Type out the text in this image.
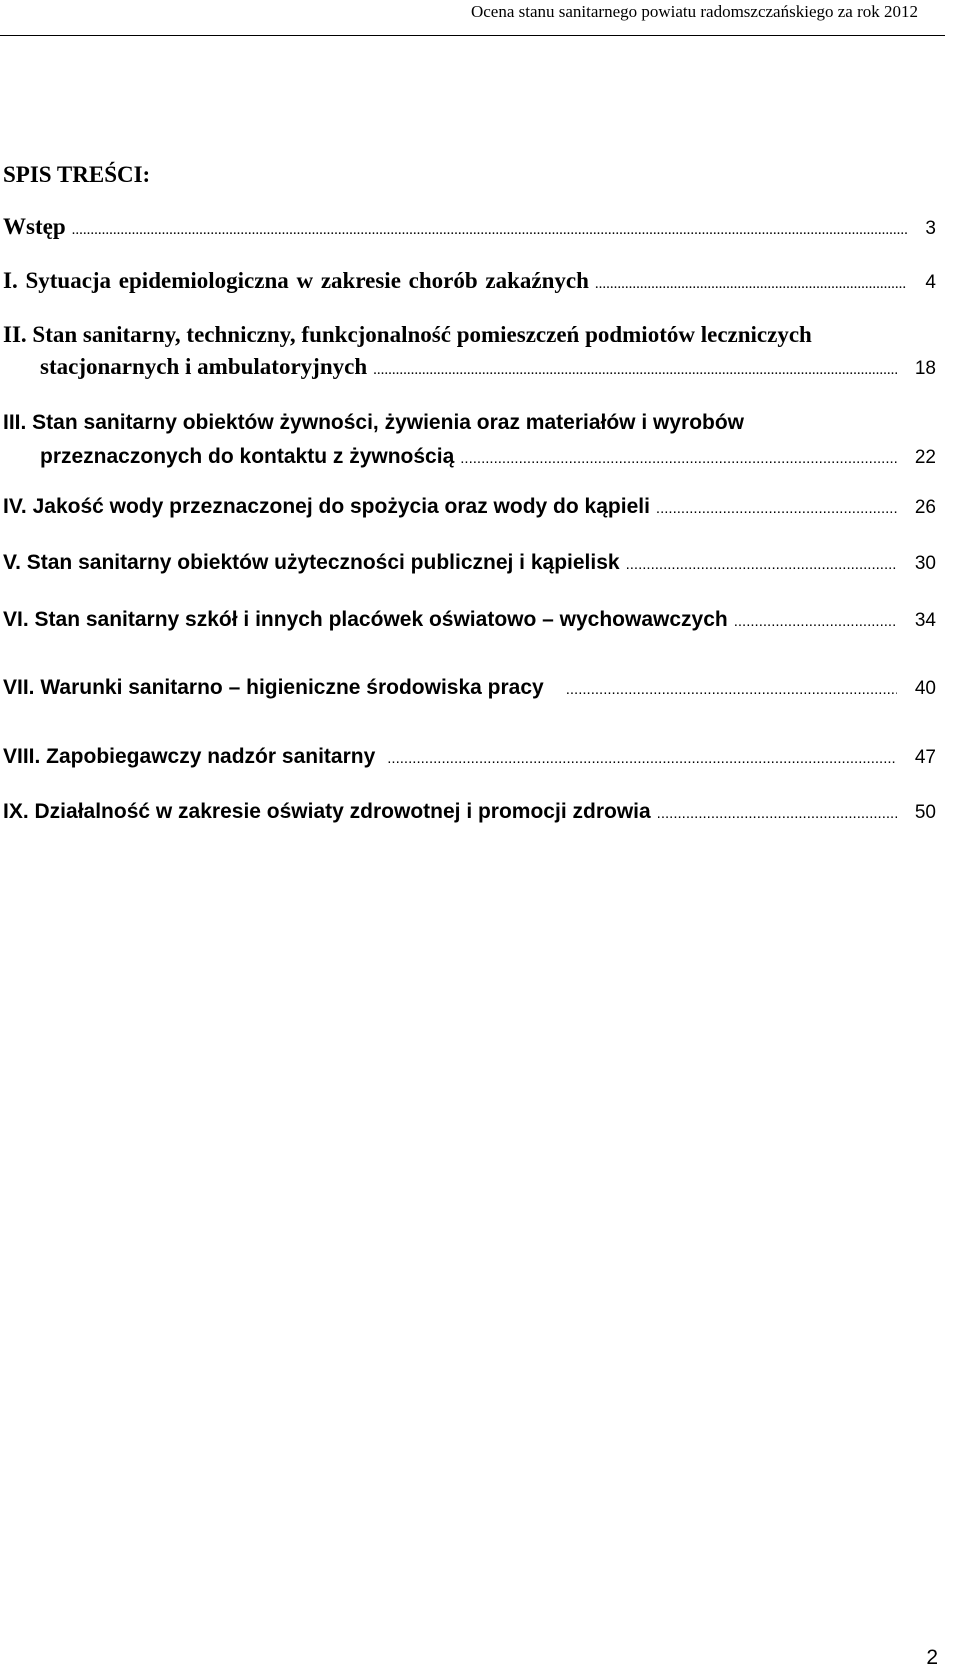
Ocena stanu sanitarnego powiatu radomszczańskiego za rok 2012
SPIS TREŚCI:
Wstęp .....	3
I. Sytuacja epidemiologiczna w zakresie chorób zakaźnych .....	4
II. Stan sanitarny, techniczny, funkcjonalność pomieszczeń podmiotów leczniczych
stacjonarnych i ambulatoryjnych .....	18
III. Stan sanitarny obiektów żywności, żywienia oraz materiałów i wyrobów
przeznaczonych do kontaktu z żywnością .....	22
IV. Jakość wody przeznaczonej do spożycia oraz wody do kąpieli .....	26
V. Stan sanitarny obiektów użyteczności publicznej i kąpielisk .....	30
VI. Stan sanitarny szkół i innych placówek oświatowo – wychowawczych .....	34
VII. Warunki sanitarno – higieniczne środowiska pracy .....	40
VIII. Zapobiegawczy nadzór sanitarny .....	47
IX. Działalność w zakresie oświaty zdrowotnej i promocji zdrowia .....	50
2
